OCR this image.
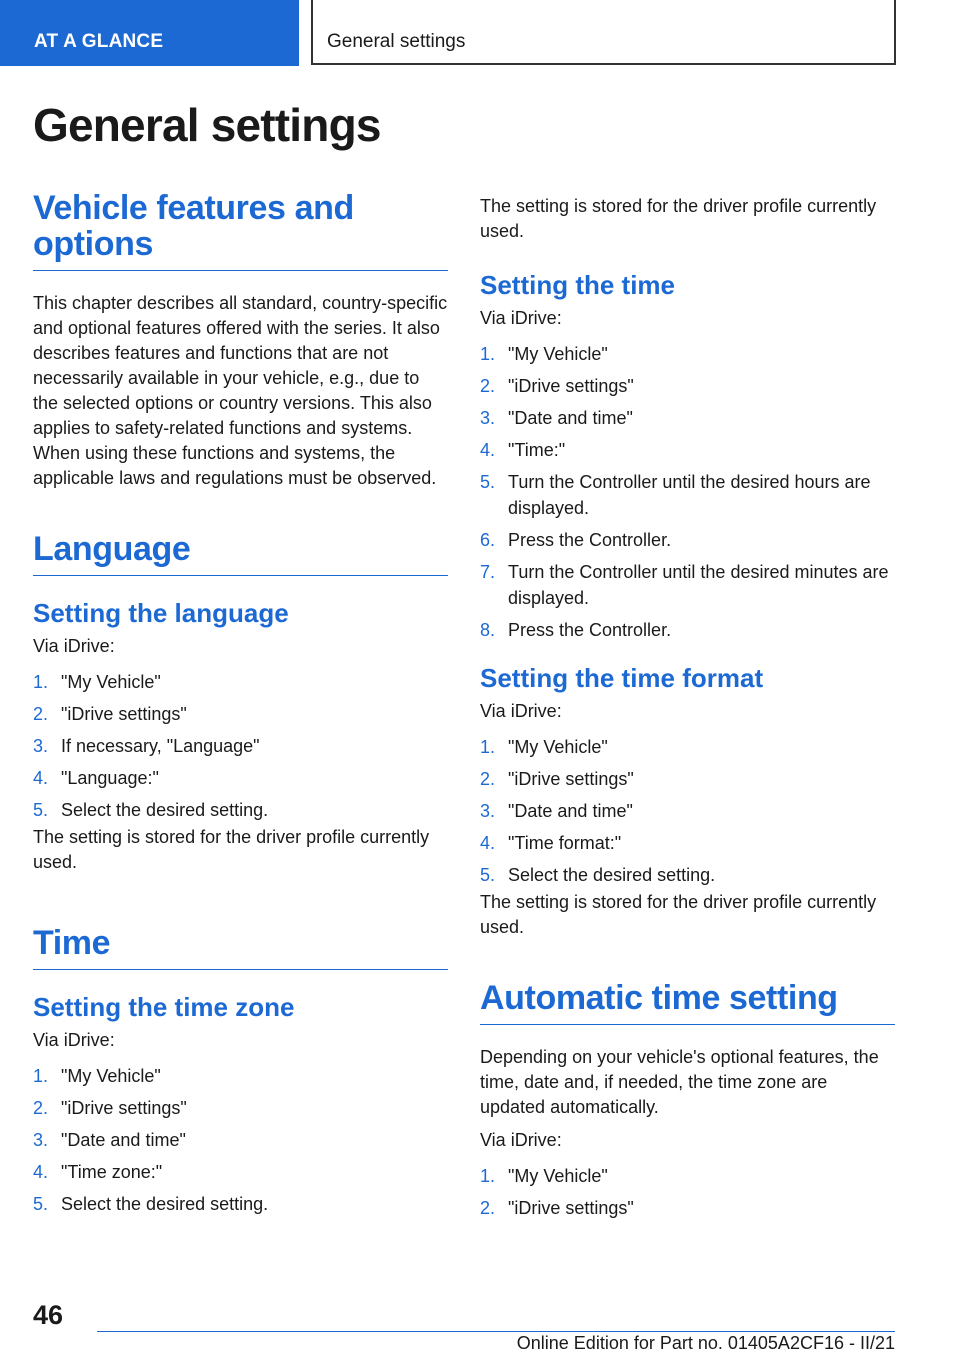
AT A GLANCE	General settings
General settings
Vehicle features and options

This chapter describes all standard, country-specific and optional features offered with the series. It also describes features and functions that are not necessarily available in your vehicle, e.g., due to the selected options or country versions. This also applies to safety-related functions and systems. When using these functions and systems, the applicable laws and regulations must be observed.

Language
Setting the language

Via iDrive:

1. "My Vehicle"
2. "iDrive settings"
3. If necessary, "Language"
4. "Language:"
5. Select the desired setting.

The setting is stored for the driver profile currently used.

Time
Setting the time zone

Via iDrive:

1. "My Vehicle"
2. "iDrive settings"
3. "Date and time"
4. "Time zone:"
5. Select the desired setting.

The setting is stored for the driver profile currently used.

Setting the time

Via iDrive:

1. "My Vehicle"
2. "iDrive settings"
3. "Date and time"
4. "Time:"
5. Turn the Controller until the desired hours are displayed.
6. Press the Controller.
7. Turn the Controller until the desired minutes are displayed.
8. Press the Controller.
Setting the time format

Via iDrive:

1. "My Vehicle"
2. "iDrive settings"
3. "Date and time"
4. "Time format:"
5. Select the desired setting.

The setting is stored for the driver profile currently used.

Automatic time setting

Depending on your vehicle's optional features, the time, date and, if needed, the time zone are updated automatically.

Via iDrive:

1. "My Vehicle"
2. "iDrive settings"
46
Online Edition for Part no. 01405A2CF16 - II/21
